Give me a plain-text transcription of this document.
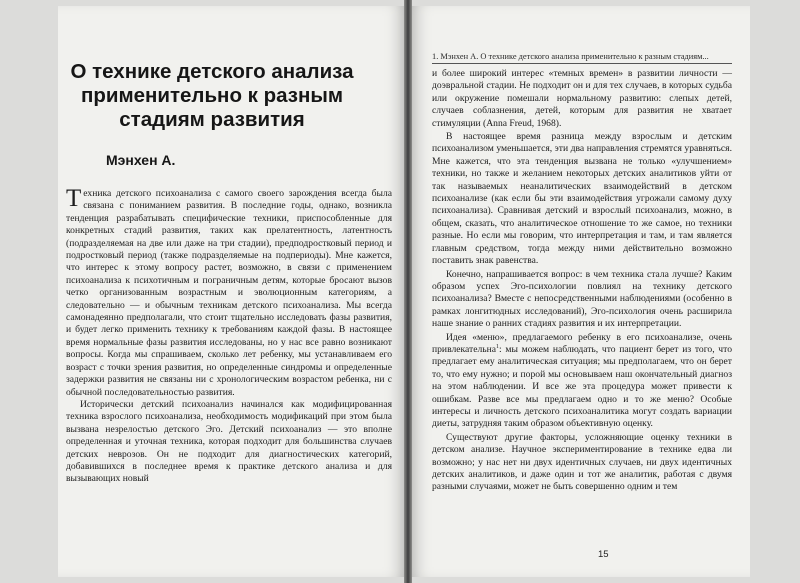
О технике детского анализа применительно к разным стадиям развития

Мэнхен А.

Техника детского психоанализа с самого своего зарождения всегда была связана с пониманием развития. В последние годы, однако, возникла тенденция разрабатывать специфические техники, приспособленные для конкретных стадий развития, таких как прелатентность, латентность (подразделяемая на две или даже на три стадии), предподростковый период и подростковый период (также подразделяемые на подпериоды). Мне кажется, что интерес к этому вопросу растет, возможно, в связи с применением психоанализа к психотичным и пограничным детям, которые бросают вызов четко организованным возрастным и эволюционным категориям, а следовательно — и обычным техникам детского психоанализа. Мы всегда самонадеянно предполагали, что стоит тщательно исследовать фазы развития, и будет легко применить технику к требованиям каждой фазы. В настоящее время нормальные фазы развития исследованы, но у нас все равно возникают вопросы. Когда мы спрашиваем, сколько лет ребенку, мы устанавливаем его возраст с точки зрения развития, но определенные синдромы и определенные задержки развития не связаны ни с хронологическим возрастом ребенка, ни с обычной последовательностью развития.

Исторически детский психоанализ начинался как модифицированная техника взрослого психоанализа, необходимость модификаций при этом была вызвана незрелостью детского Эго. Детский психоанализ — это вполне определенная и уточная техника, которая подходит для большинства случаев детских неврозов. Он не подходит для диагностических категорий, добавившихся в последнее время к практике детского анализа и для вызывающих новый

1. Мэнхен А. О технике детского анализа применительно к разным стадиям...

и более широкий интерес «темных времен» в развитии личности — доэвральной стадии. Не подходит он и для тех случаев, в которых судьба или окружение помешали нормальному развитию: слепых детей, случаев соблазнения, детей, которым для развития не хватает стимуляции (Anna Freud, 1968).

В настоящее время разница между взрослым и детским психоанализом уменьшается, эти два направления стремятся уравняться. Мне кажется, что эта тенденция вызвана не только «улучшением» техники, но также и желанием некоторых детских аналитиков уйти от так называемых неаналитических взаимодействий в детском психоанализе (как если бы эти взаимодействия угрожали самому духу психоанализа). Сравнивая детский и взрослый психоанализ, можно, в общем, сказать, что аналитическое отношение то же самое, но техники разные. Но если мы говорим, что интерпретация и там, и там является главным средством, тогда между ними действительно возможно поставить знак равенства.

Конечно, напрашивается вопрос: в чем техника стала лучше? Каким образом успех Эго-психологии повлиял на технику детского психоанализа? Вместе с непосредственными наблюдениями (особенно в рамках лонгитюдных исследований), Эго-психология очень расширила наше знание о ранних стадиях развития и их интерпретации.

Идея «меню», предлагаемого ребенку в его психоанализе, очень привлекательна$^1$: мы можем наблюдать, что пациент берет из того, что предлагает ему аналитическая ситуация; мы предполагаем, что он берет то, что ему нужно; и порой мы основываем наш окончательный диагноз на этом наблюдении. И все же эта процедура может привести к ошибкам. Разве все мы предлагаем одно и то же меню? Особые интересы и личность детского психоаналитика могут создать вариации диеты, затрудняя таким образом объективную оценку.

Существуют другие факторы, усложняющие оценку техники в детском анализе. Научное экспериментирование в технике едва ли возможно; у нас нет ни двух идентичных случаев, ни двух идентичных детских аналитиков, и даже один и тот же аналитик, работая с двумя разными случаями, может не быть совершенно одним и тем

15
